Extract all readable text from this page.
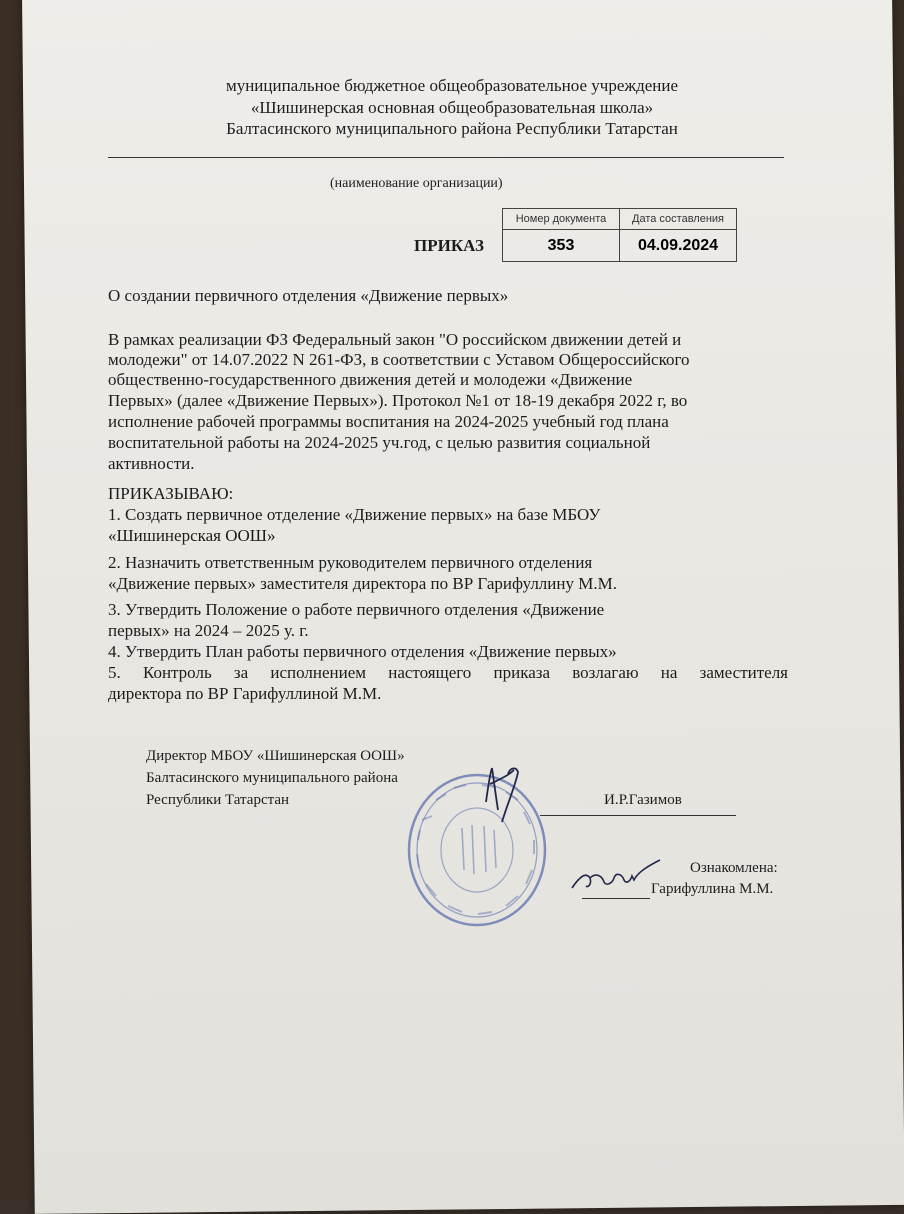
муниципальное бюджетное общеобразовательное учреждение
«Шишинерская основная общеобразовательная школа»
Балтасинского муниципального района Республики Татарстан
(наименование организации)
ПРИКАЗ
Номер документа	Дата составления
353	04.09.2024
О создании первичного отделения «Движение первых»
В рамках реализации ФЗ Федеральный закон "О российском движении детей и
молодежи" от 14.07.2022 N 261-ФЗ, в соответствии с Уставом Общероссийского
общественно-государственного движения детей и молодежи «Движение
Первых» (далее «Движение Первых»). Протокол №1 от 18-19 декабря 2022 г, во
исполнение рабочей программы воспитания на 2024-2025 учебный год плана
воспитательной работы на 2024-2025 уч.год, с целью развития социальной
активности.
ПРИКАЗЫВАЮ:
1. Создать первичное отделение «Движение первых» на базе МБОУ
«Шишинерская ООШ»
2. Назначить ответственным руководителем первичного отделения
«Движение первых» заместителя директора по ВР Гарифуллину М.М.
3. Утвердить Положение о работе первичного отделения «Движение
первых» на 2024 – 2025 у. г.
4. Утвердить План работы первичного отделения «Движение первых»
5. Контроль за исполнением настоящего приказа возлагаю на заместителя
директора по ВР Гарифуллиной М.М.
Директор МБОУ «Шишинерская ООШ»
Балтасинского муниципального района
Республики Татарстан	И.Р.Газимов
Ознакомлена:
Гарифуллина М.М.
